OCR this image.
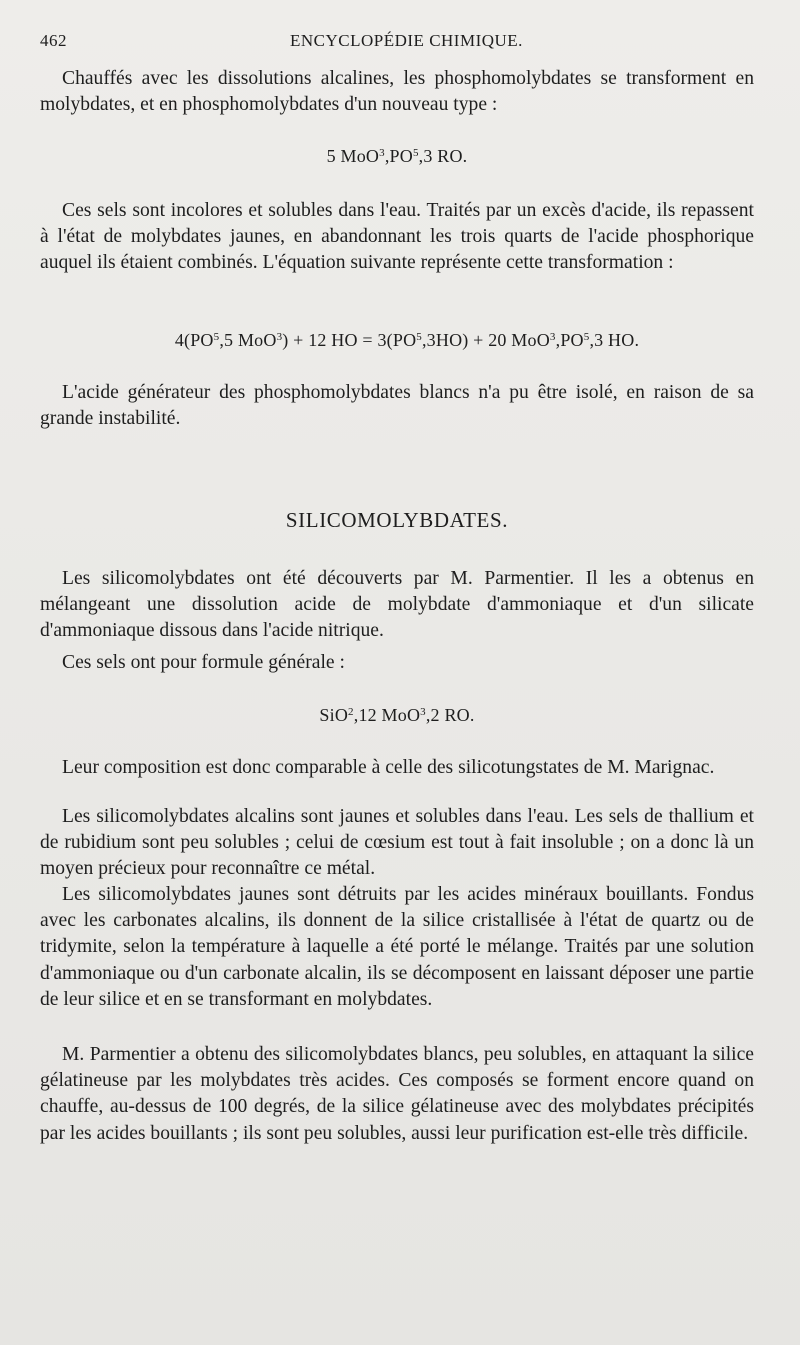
462	ENCYCLOPÉDIE CHIMIQUE.

Chauffés avec les dissolutions alcalines, les phosphomolybdates se transforment en molybdates, et en phosphomolybdates d'un nouveau type :

5 $MoO^3,PO^5,3$ RO.

Ces sels sont incolores et solubles dans l'eau. Traités par un excès d'acide, ils repassent à l'état de molybdates jaunes, en abandonnant les trois quarts de l'acide phosphorique auquel ils étaient combinés. L'équation suivante représente cette transformation :

$4(PO^5,5$ MoO$^3$) + 12 HO = $3(PO^5,3HO) + 20$ $MoO^3,PO^5,3$ HO.

L'acide générateur des phosphomolybdates blancs n'a pu être isolé, en raison de sa grande instabilité.

SILICOMOLYBDATES.

Les silicomolybdates ont été découverts par M. Parmentier. Il les a obtenus en mélangeant une dissolution acide de molybdate d'ammoniaque et d'un silicate d'ammoniaque dissous dans l'acide nitrique.

Ces sels ont pour formule générale :

SiO$^2$,12 MoO$^3$,2 RO.

Leur composition est donc comparable à celle des silicotungstates de M. Marignac.

Les silicomolybdates alcalins sont jaunes et solubles dans l'eau. Les sels de thallium et de rubidium sont peu solubles ; celui de cœsium est tout à fait insoluble ; on a donc là un moyen précieux pour reconnaître ce métal.

Les silicomolybdates jaunes sont détruits par les acides minéraux bouillants. Fondus avec les carbonates alcalins, ils donnent de la silice cristallisée à l'état de quartz ou de tridymite, selon la température à laquelle a été porté le mélange. Traités par une solution d'ammoniaque ou d'un carbonate alcalin, ils se décomposent en laissant déposer une partie de leur silice et en se transformant en molybdates.

M. Parmentier a obtenu des silicomolybdates blancs, peu solubles, en attaquant la silice gélatineuse par les molybdates très acides. Ces composés se forment encore quand on chauffe, au-dessus de 100 degrés, de la silice gélatineuse avec des molybdates précipités par les acides bouillants ; ils sont peu solubles, aussi leur purification est-elle très difficile.
